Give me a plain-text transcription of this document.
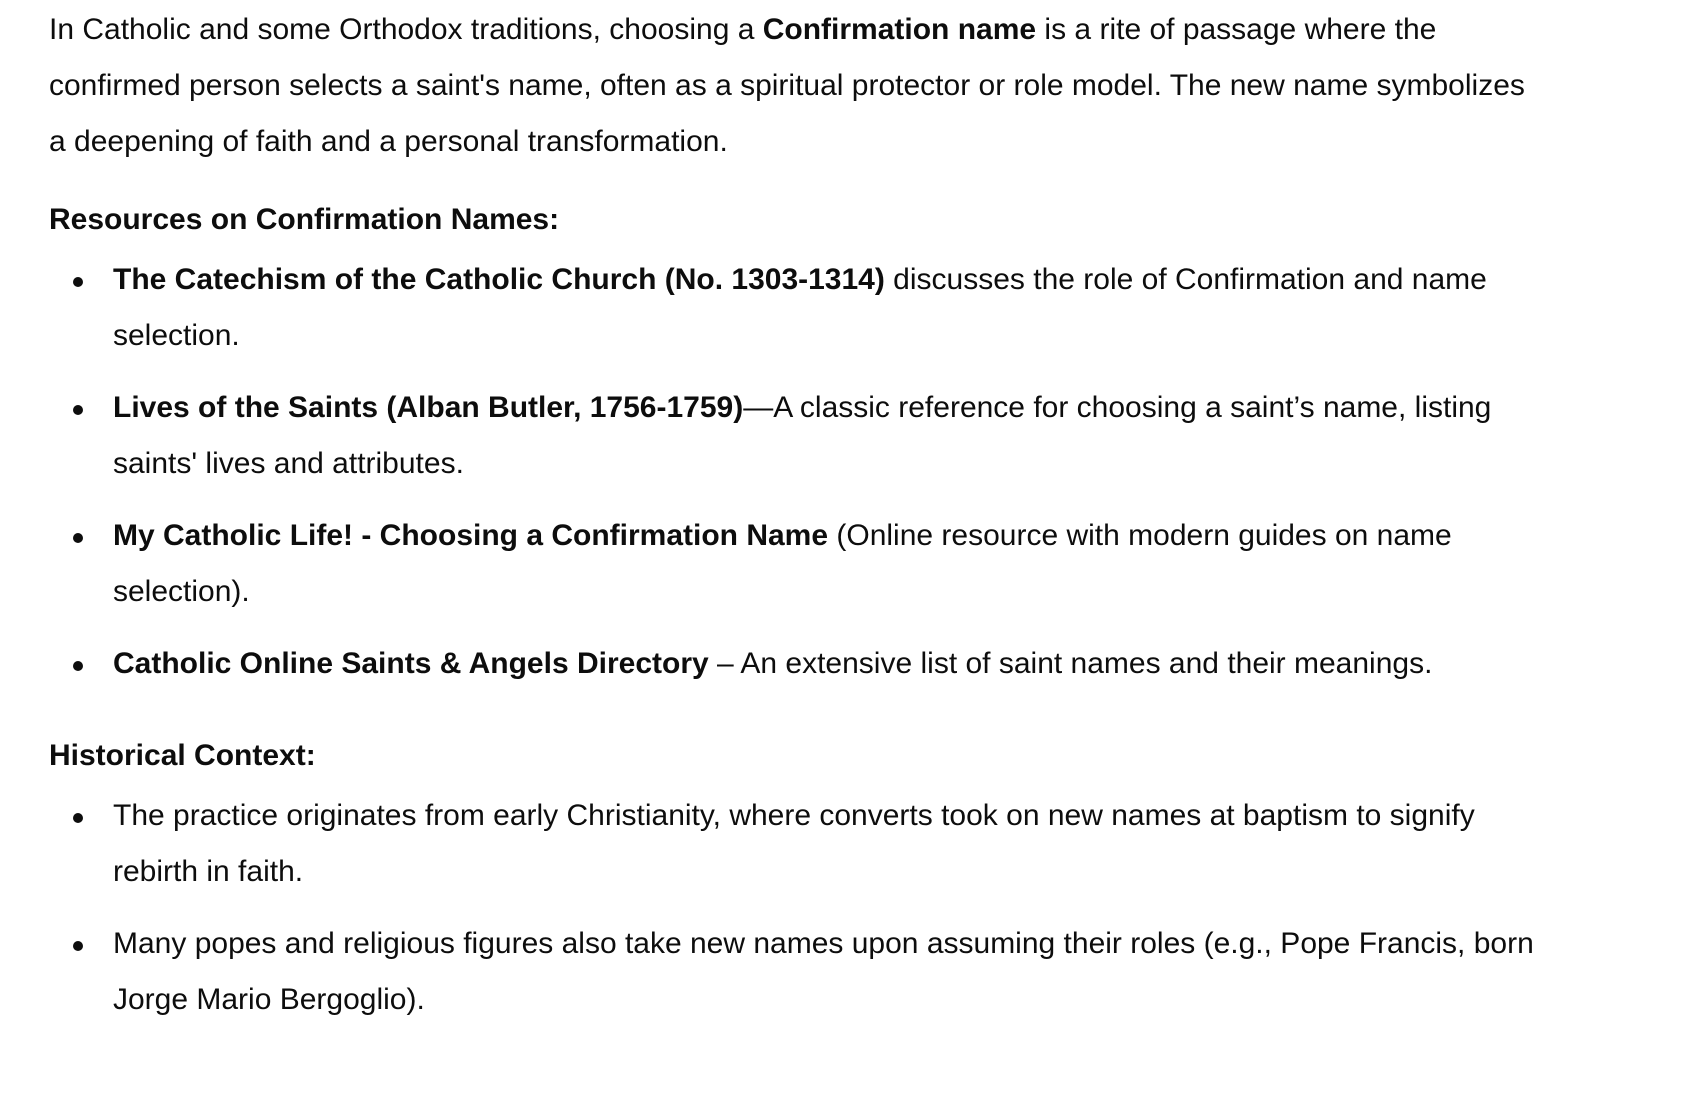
In Catholic and some Orthodox traditions, choosing a Confirmation name is a rite of passage where the confirmed person selects a saint's name, often as a spiritual protector or role model. The new name symbolizes a deepening of faith and a personal transformation.

Resources on Confirmation Names:
The Catechism of the Catholic Church (No. 1303-1314) discusses the role of Confirmation and name selection.
Lives of the Saints (Alban Butler, 1756-1759)—A classic reference for choosing a saint’s name, listing saints' lives and attributes.
My Catholic Life! - Choosing a Confirmation Name (Online resource with modern guides on name selection).
Catholic Online Saints & Angels Directory – An extensive list of saint names and their meanings.
Historical Context:
The practice originates from early Christianity, where converts took on new names at baptism to signify rebirth in faith.
Many popes and religious figures also take new names upon assuming their roles (e.g., Pope Francis, born Jorge Mario Bergoglio).
